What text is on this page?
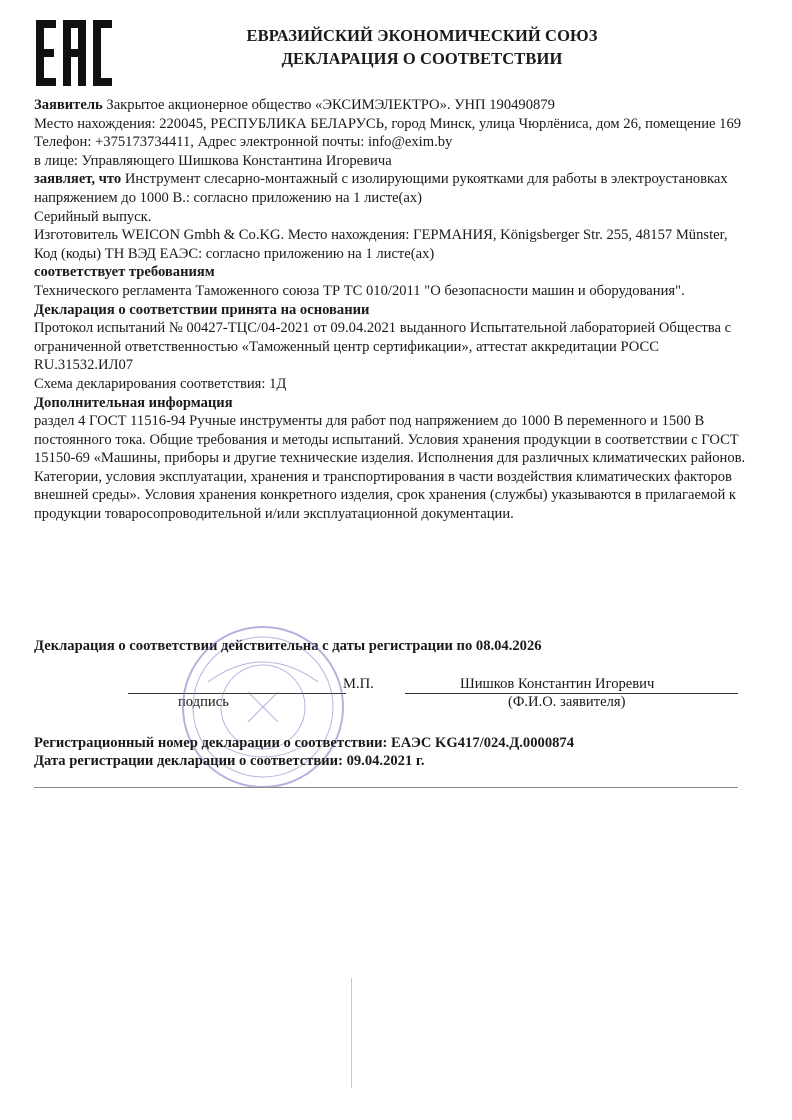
ЕВРАЗИЙСКИЙ ЭКОНОМИЧЕСКИЙ СОЮЗ
ДЕКЛАРАЦИЯ О СООТВЕТСТВИИ

Заявитель Закрытое акционерное общество «ЭКСИМЭЛЕКТРО». УНП 190490879

Место нахождения: 220045, РЕСПУБЛИКА БЕЛАРУСЬ, город Минск, улица Чюрлёниса, дом 26, помещение 169

Телефон: +375173734411, Адрес электронной почты: info@exim.by

в лице: Управляющего Шишкова Константина Игоревича

заявляет, что Инструмент слесарно-монтажный с изолирующими рукоятками для работы в электроустановках напряжением до 1000 В.: согласно приложению на 1 листе(ах)

Серийный выпуск.

Изготовитель WEICON Gmbh & Co.KG. Место нахождения: ГЕРМАНИЯ, Königsberger Str. 255, 48157 Münster,

Код (коды) ТН ВЭД ЕАЭС: согласно приложению на 1 листе(ах)

соответствует требованиям

Технического регламента Таможенного союза ТР ТС 010/2011 "О безопасности машин и оборудования".

Декларация о соответствии принята на основании

Протокол испытаний № 00427-ТЦС/04-2021 от 09.04.2021 выданного Испытательной лабораторией Общества с ограниченной ответственностью «Таможенный центр сертификации», аттестат аккредитации РОСС RU.31532.ИЛ07

Схема декларирования соответствия: 1Д

Дополнительная информация

раздел 4 ГОСТ 11516-94 Ручные инструменты для работ под напряжением до 1000 В переменного и 1500 В постоянного тока. Общие требования и методы испытаний. Условия хранения продукции в соответствии с ГОСТ 15150-69 «Машины, приборы и другие технические изделия. Исполнения для различных климатических районов. Категории, условия эксплуатации, хранения и транспортирования в части воздействия климатических факторов внешней среды». Условия хранения конкретного изделия, срок хранения (службы) указываются в прилагаемой к продукции товаросопроводительной и/или эксплуатационной документации.

Декларация о соответствии действительна с даты регистрации по 08.04.2026
М.П.	Шишков Константин Игоревич
подпись	(Ф.И.О. заявителя)
Регистрационный номер декларации о соответствии: ЕАЭС KG417/024.Д.0000874
Дата регистрации декларации о соответствии: 09.04.2021 г.
